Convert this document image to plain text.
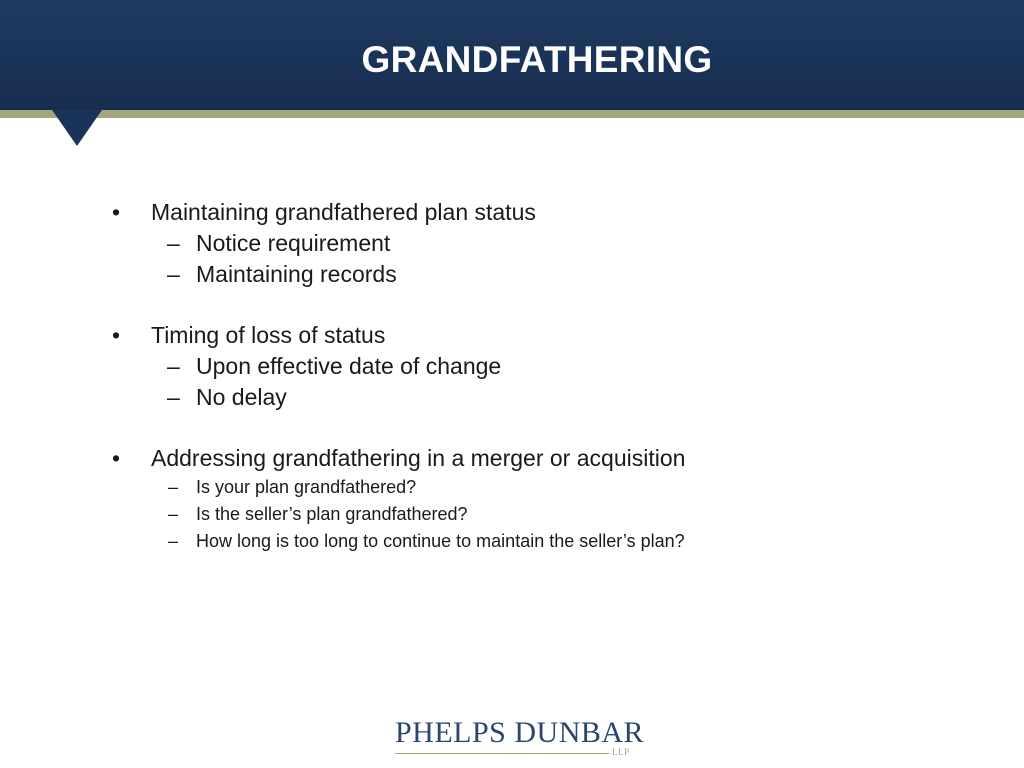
GRANDFATHERING
• Maintaining grandfathered plan status
– Notice requirement
– Maintaining records
• Timing of loss of status
– Upon effective date of change
– No delay
• Addressing grandfathering in a merger or acquisition
– Is your plan grandfathered?
– Is the seller’s plan grandfathered?
– How long is too long to continue to maintain the seller’s plan?
PHELPS DUNBAR
LLP
